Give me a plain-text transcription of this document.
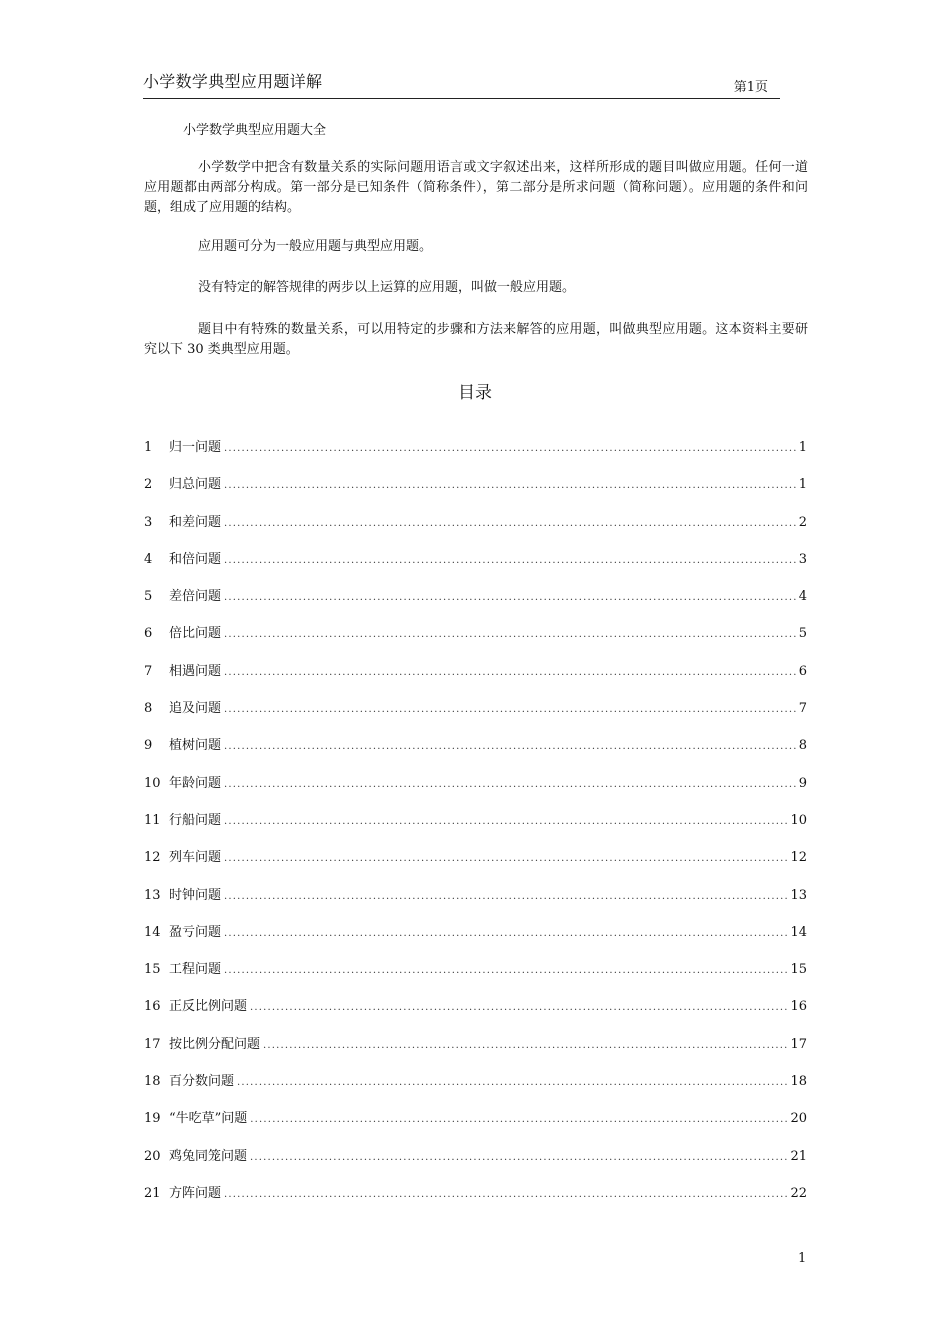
小学数学典型应用题详解	第1页
小学数学典型应用题大全

小学数学中把含有数量关系的实际问题用语言或文字叙述出来，这样所形成的题目叫做应用题。任何一道应用题都由两部分构成。第一部分是已知条件（简称条件），第二部分是所求问题（简称问题）。应用题的条件和问题，组成了应用题的结构。

应用题可分为一般应用题与典型应用题。

没有特定的解答规律的两步以上运算的应用题，叫做一般应用题。

题目中有特殊的数量关系，可以用特定的步骤和方法来解答的应用题，叫做典型应用题。这本资料主要研究以下 30 类典型应用题。

目录
1	归一问题 .....	1
2	归总问题 .....	1
3	和差问题 .....	2
4	和倍问题 .....	3
5	差倍问题 .....	4
6	倍比问题 .....	5
7	相遇问题 .....	6
8	追及问题 .....	7
9	植树问题 .....	8
10 年龄问题 .....	9
11 行船问题 .....	10
12 列车问题 .....	12
13 时钟问题 .....	13
14 盈亏问题 .....	14
15 工程问题 .....	15
16 正反比例问题 .....	16
17 按比例分配问题 .....	17
18 百分数问题 .....	18
19 “牛吃草”问题 .....	20
20 鸡兔同笼问题 .....	21
21 方阵问题 .....	22
1
